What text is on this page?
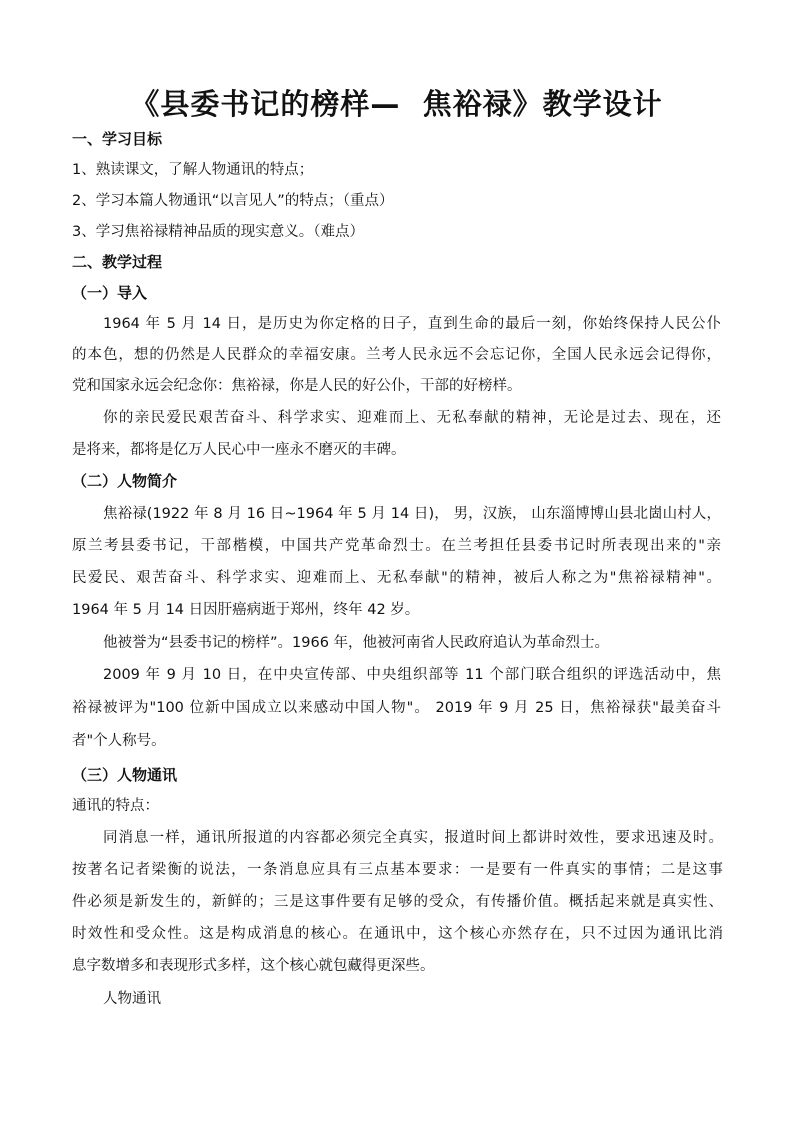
《县委书记的榜样—  焦裕禄》教学设计
一、学习目标
1、熟读课文，了解人物通讯的特点；
2、学习本篇人物通讯“以言见人”的特点；（重点）
3、学习焦裕禄精神品质的现实意义。（难点）
二、教学过程
（一）导入
1964 年 5 月 14 日，是历史为你定格的日子，直到生命的最后一刻，你始终保持人民公仆
的本色，想的仍然是人民群众的幸福安康。兰考人民永远不会忘记你，全国人民永远会记得你，
党和国家永远会纪念你：焦裕禄，你是人民的好公仆，干部的好榜样。
你的亲民爱民艰苦奋斗、科学求实、迎难而上、无私奉献的精神，无论是过去、现在，还
是将来，都将是亿万人民心中一座永不磨灭的丰碑。
（二）人物简介
焦裕禄(1922 年 8 月 16 日~1964 年 5 月 14 日)， 男，汉族， 山东淄博博山县北崮山村人，
原兰考县委书记，干部楷模，中国共产党革命烈士。在兰考担任县委书记时所表现出来的"亲
民爱民、艰苦奋斗、科学求实、迎难而上、无私奉献"的精神，被后人称之为"焦裕禄精神"。
1964 年 5 月 14 日因肝癌病逝于郑州，终年 42 岁。
他被誉为“县委书记的榜样”。1966 年，他被河南省人民政府追认为革命烈士。
2009 年 9 月 10 日，在中央宣传部、中央组织部等 11 个部门联合组织的评选活动中，焦
裕禄被评为"100 位新中国成立以来感动中国人物"。 2019 年 9 月 25 日，焦裕禄获"最美奋斗
者"个人称号。
（三）人物通讯
通讯的特点：
同消息一样，通讯所报道的内容都必须完全真实，报道时间上都讲时效性，要求迅速及时。
按著名记者梁衡的说法，一条消息应具有三点基本要求：一是要有一件真实的事情；二是这事
件必须是新发生的，新鲜的；三是这事件要有足够的受众，有传播价值。概括起来就是真实性、
时效性和受众性。这是构成消息的核心。在通讯中，这个核心亦然存在，只不过因为通讯比消
息字数增多和表现形式多样，这个核心就包藏得更深些。
人物通讯
